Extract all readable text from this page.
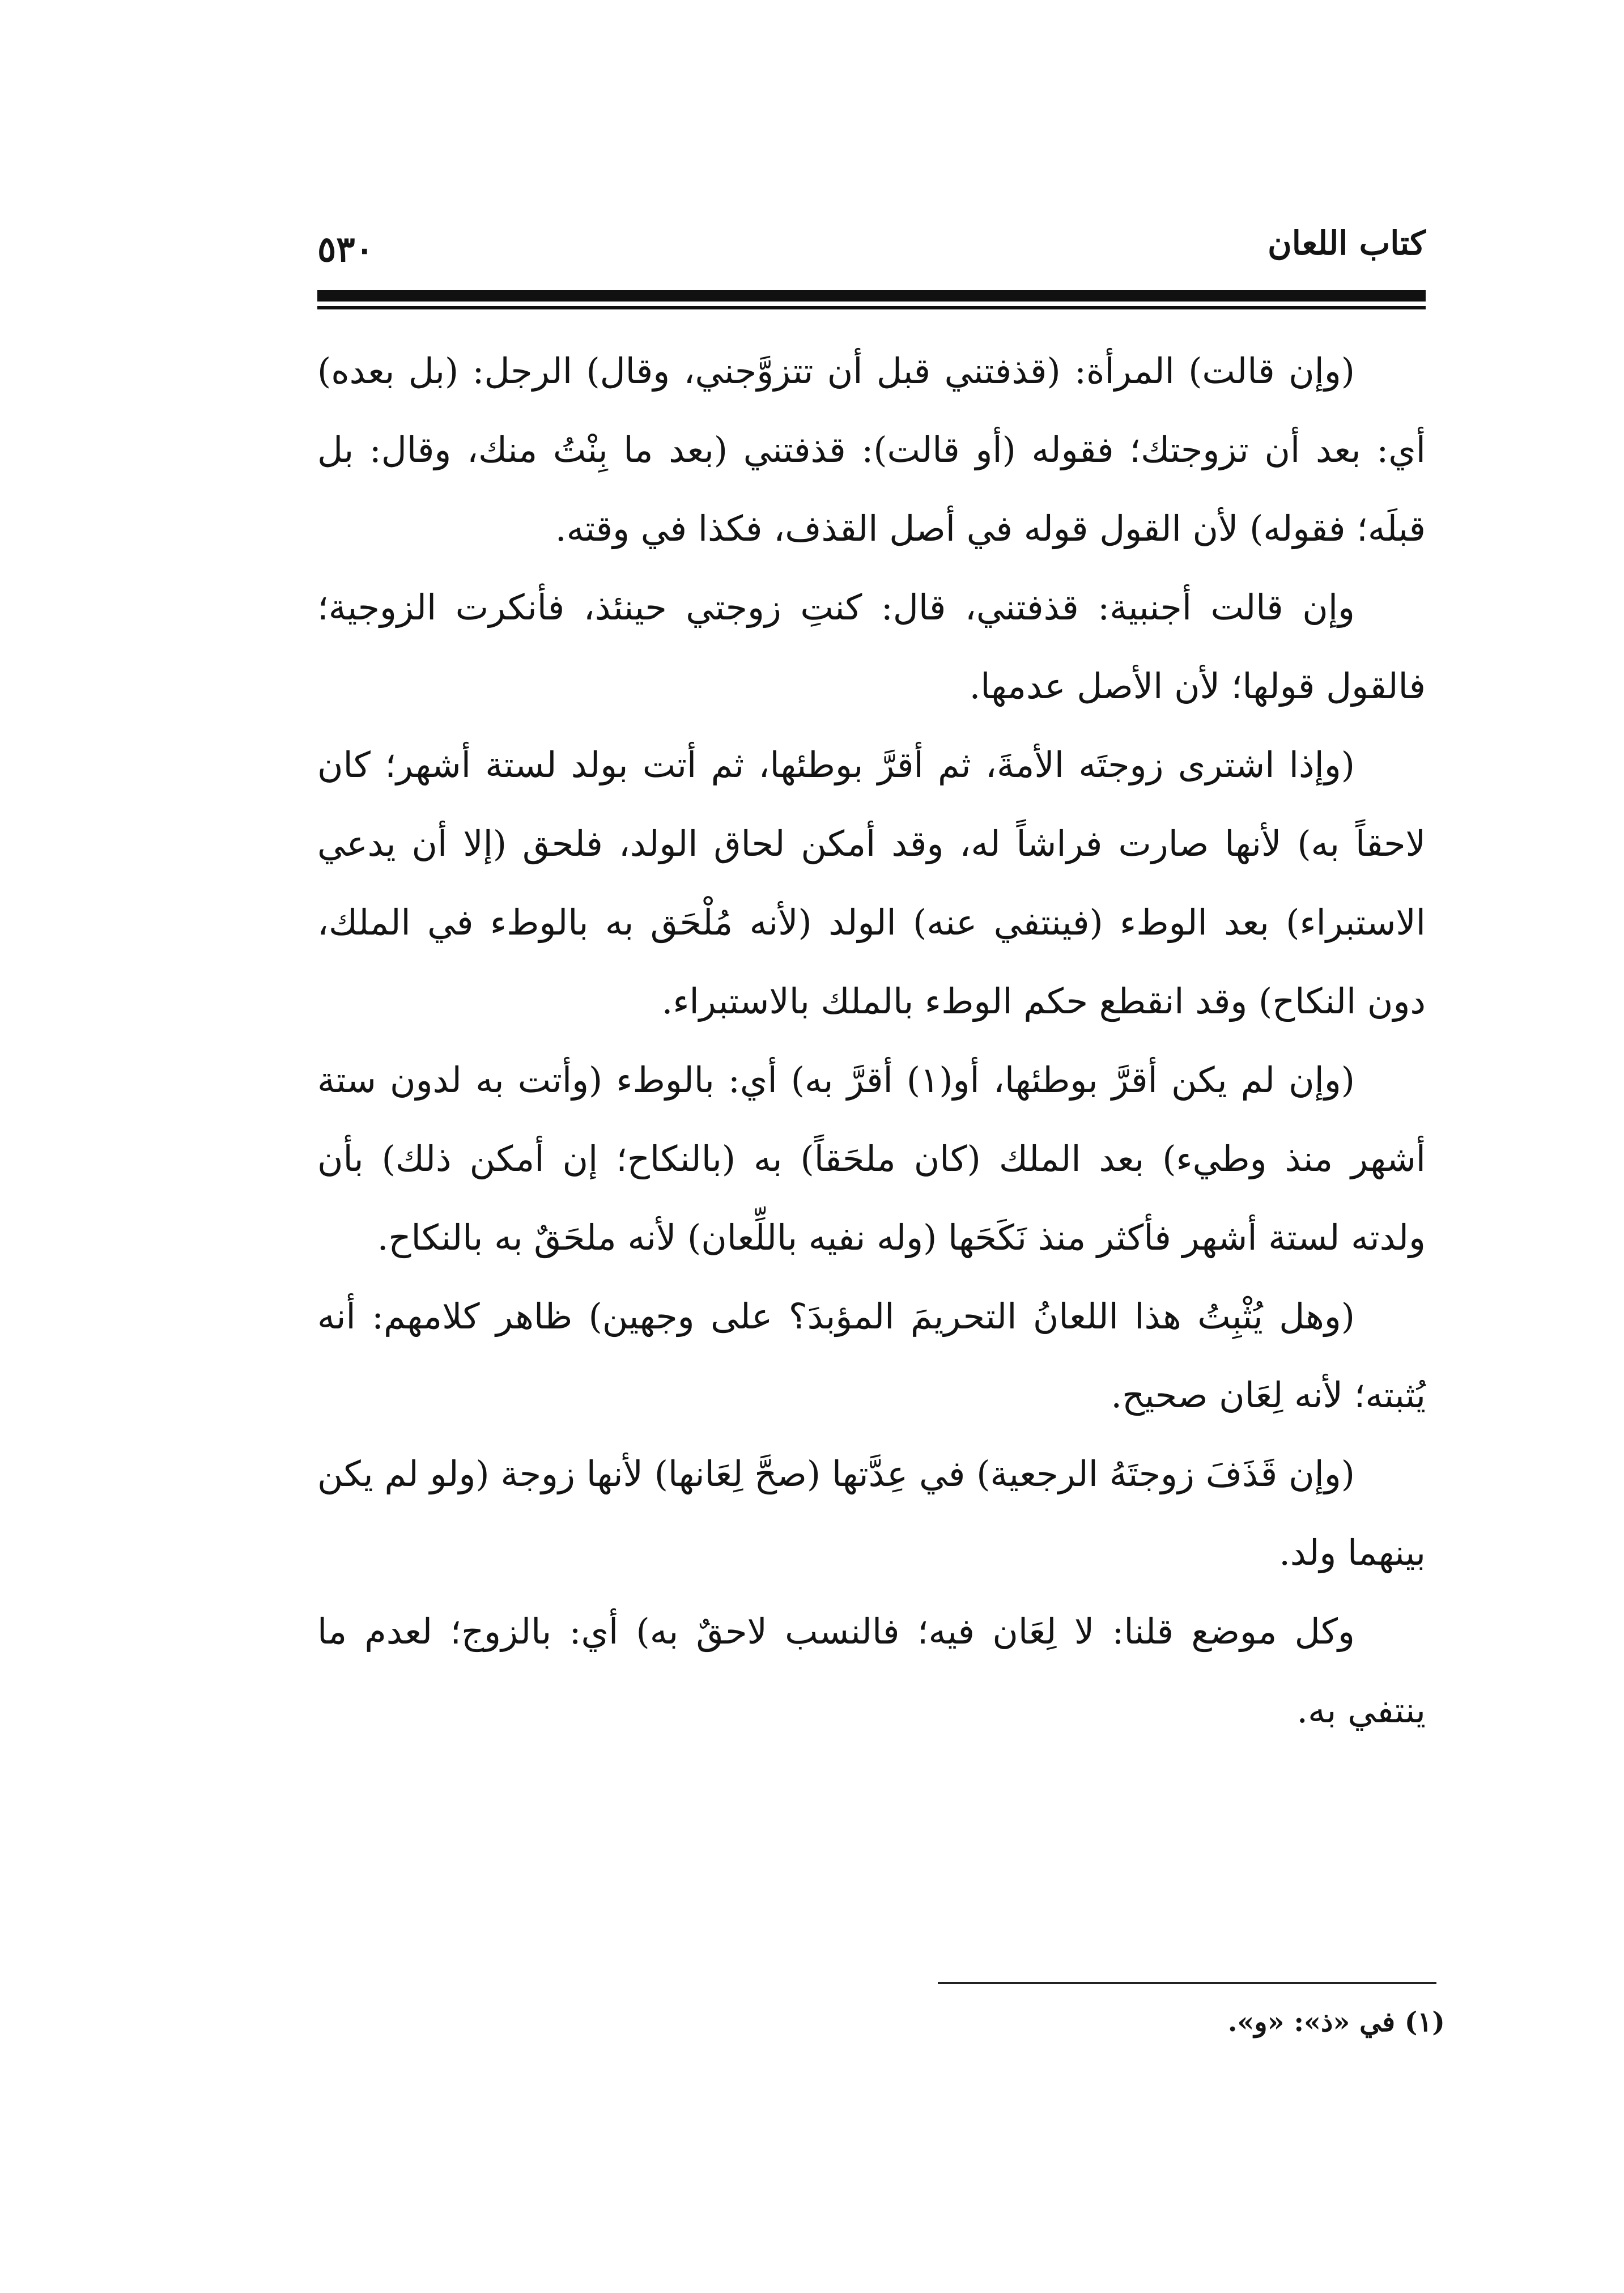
كتاب اللعان
٥٣٠

(وإن قالت) المرأة: (قذفتني قبل أن تتزوَّجني، وقال) الرجل: (بل بعده) أي: بعد أن تزوجتك؛ فقوله (أو قالت): قذفتني (بعد ما بِنْتُ منك، وقال: بل قبلَه؛ فقوله) لأن القول قوله في أصل القذف، فكذا في وقته.

وإن قالت أجنبية: قذفتني، قال: كنتِ زوجتي حينئذ، فأنكرت الزوجية؛ فالقول قولها؛ لأن الأصل عدمها.

(وإذا اشترى زوجتَه الأمةَ، ثم أقرَّ بوطئها، ثم أتت بولد لستة أشهر؛ كان لاحقاً به) لأنها صارت فراشاً له، وقد أمكن لحاق الولد، فلحق (إلا أن يدعي الاستبراء) بعد الوطء (فينتفي عنه) الولد (لأنه مُلْحَق به بالوطء في الملك، دون النكاح) وقد انقطع حكم الوطء بالملك بالاستبراء.

(وإن لم يكن أقرَّ بوطئها، أو(١) أقرَّ به) أي: بالوطء (وأتت به لدون ستة أشهر منذ وطيء) بعد الملك (كان ملحَقاً) به (بالنكاح؛ إن أمكن ذلك) بأن ولدته لستة أشهر فأكثر منذ نَكَحَها (وله نفيه باللِّعان) لأنه ملحَقٌ به بالنكاح.

(وهل يُثْبِتُ هذا اللعانُ التحريمَ المؤبدَ؟ على وجهين) ظاهر كلامهم: أنه يُثبته؛ لأنه لِعَان صحيح.

(وإن قَذَفَ زوجتَهُ الرجعية) في عِدَّتها (صحَّ لِعَانها) لأنها زوجة (ولو لم يكن بينهما ولد.

وكل موضع قلنا: لا لِعَان فيه؛ فالنسب لاحقٌ به) أي: بالزوج؛ لعدم ما ينتفي به.

(١) في «ذ»: «و».
